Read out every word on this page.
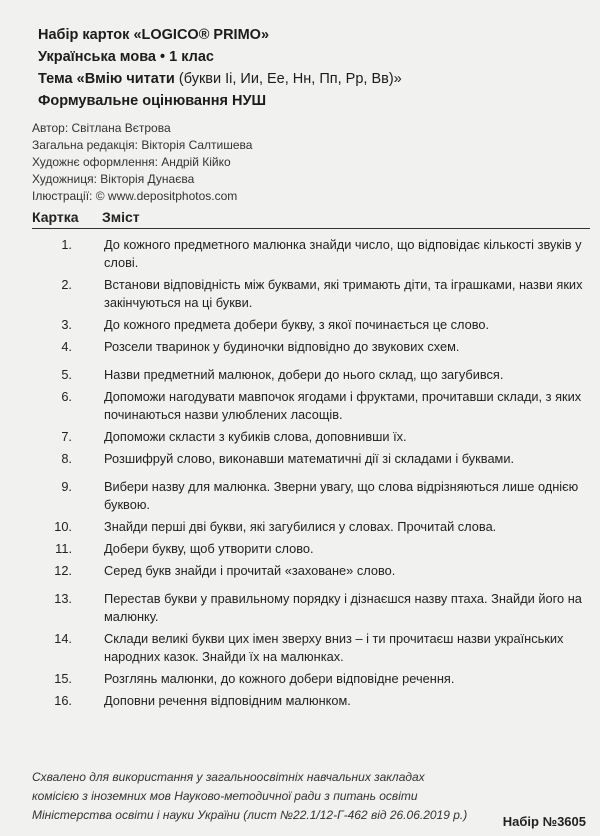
Набір карток «LOGICO® PRIMO»
Українська мова • 1 клас
Тема «Вмію читати (букви Іі, Ии, Ее, Нн, Пп, Рр, Вв)»
Формувальне оцінювання НУШ
Автор: Світлана Вєтрова
Загальна редакція: Вікторія Салтишева
Художнє оформлення: Андрій Кійко
Художниця: Вікторія Дунаєва
Ілюстрації: © www.depositphotos.com
Картка Зміст
1.	До кожного предметного малюнка знайди число, що відповідає кількості звуків у слові.
2.	Встанови відповідність між буквами, які тримають діти, та іграшками, назви яких закінчуються на ці букви.
3.	До кожного предмета добери букву, з якої починається це слово.
4.	Розсели тваринок у будиночки відповідно до звукових схем.
5.	Назви предметний малюнок, добери до нього склад, що загубився.
6.	Допоможи нагодувати мавпочок ягодами і фруктами, прочитавши склади, з яких починаються назви улюблених ласощів.
7.	Допоможи скласти з кубиків слова, доповнивши їх.
8.	Розшифруй слово, виконавши математичні дії зі складами і буквами.
9.	Вибери назву для малюнка. Зверни увагу, що слова відрізняються лише однією буквою.
10.	Знайди перші дві букви, які загубилися у словах. Прочитай слова.
11.	Добери букву, щоб утворити слово.
12.	Серед букв знайди і прочитай «заховане» слово.
13.	Перестав букви у правильному порядку і дізнаєшся назву птаха. Знайди його на малюнку.
14.	Склади великі букви цих імен зверху вниз – і ти прочитаєш назви українських народних казок. Знайди їх на малюнках.
15.	Розглянь малюнки, до кожного добери відповідне речення.
16.	Доповни речення відповідним малюнком.
Схвалено для використання у загальноосвітніх навчальних закладах
комісією з іноземних мов Науково-методичної ради з питань освіти
Міністерства освіти і науки України (лист №22.1/12-Г-462 від 26.06.2019 р.)	Набір №3605
